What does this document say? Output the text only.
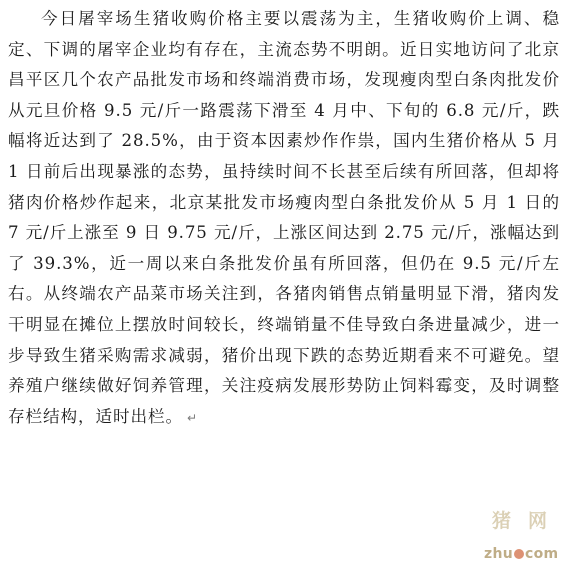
今日屠宰场生猪收购价格主要以震荡为主，生猪收购价上调、稳定、下调的屠宰企业均有存在，主流态势不明朗。近日实地访问了北京昌平区几个农产品批发市场和终端消费市场，发现瘦肉型白条肉批发价从元旦价格 9.5 元/斤一路震荡下滑至 4 月中、下旬的 6.8 元/斤，跌幅将近达到了 28.5%，由于资本因素炒作作祟，国内生猪价格从 5 月 1 日前后出现暴涨的态势，虽持续时间不长甚至后续有所回落，但却将猪肉价格炒作起来，北京某批发市场瘦肉型白条批发价从 5 月 1 日的 7 元/斤上涨至 9 日 9.75 元/斤，上涨区间达到 2.75 元/斤，涨幅达到了 39.3%，近一周以来白条批发价虽有所回落，但仍在 9.5 元/斤左右。从终端农产品菜市场关注到，各猪肉销售点销量明显下滑，猪肉发干明显在摊位上摆放时间较长，终端销量不佳导致白条进量减少，进一步导致生猪采购需求减弱，猪价出现下跌的态势近期看来不可避免。望养殖户继续做好饲养管理，关注疫病发展形势防止饲料霉变，及时调整存栏结构，适时出栏。 ↵

猪 网
zhu com
